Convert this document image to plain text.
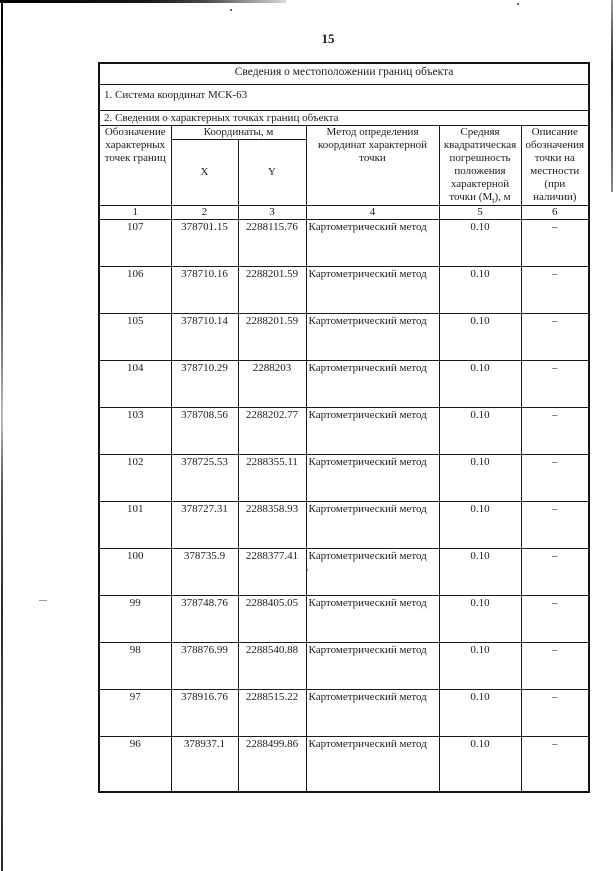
15
Сведения о местоположении границ объекта					
1. Система координат МСК-63					
2. Сведения о характерных точках границ объекта					
Обозначение характерных точек границ	Координаты, м		Метод определения координат характерной точки	Средняя квадратическая погрешность положения характерной точки $(M_t)$, м	Описание обозначения точки на местности (при наличии)
	X	Y			
1	2	3	4	5	6
107	378701.15	2288115.76	Картометрический метод	0.10	–
106	378710.16	2288201.59	Картометрический метод	0.10	–
105	378710.14	2288201.59	Картометрический метод	0.10	–
104	378710.29	2288203	Картометрический метод	0.10	–
103	378708.56	2288202.77	Картометрический метод	0.10	–
102	378725.53	2288355.11	Картометрический метод	0.10	–
101	378727.31	2288358.93	Картометрический метод	0.10	–
100	378735.9	2288377.41	Картометрический метод	0.10	–
99	378748.76	2288405.05	Картометрический метод	0.10	–
98	378876.99	2288540.88	Картометрический метод	0.10	–
97	378916.76	2288515.22	Картометрический метод	0.10	–
96	378937.1	2288499.86	Картометрический метод	0.10	–
